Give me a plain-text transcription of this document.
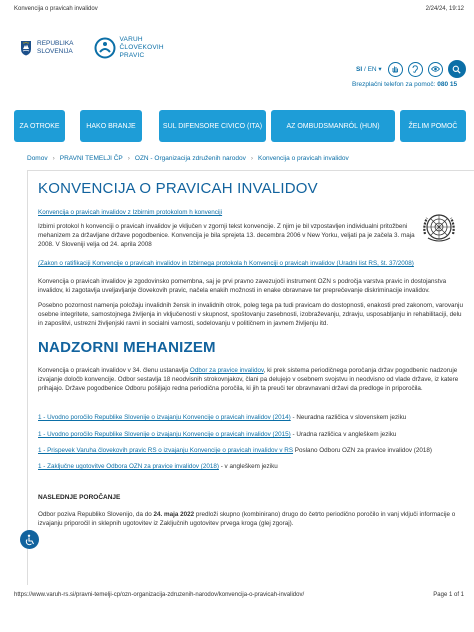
Konvencija o pravicah invalidov	2/24/24, 19:12
REPUBLIKA
SLOVENIJA
VARUH
ČLOVEKOVIH
PRAVIC
SI / EN ▾
Brezplačni telefon za pomoč: 080 15
ZA OTROKE	HAKO BRANJE	SUL DIFENSORE CIVICO (ITA)	AZ OMBUDSMANRÓL (HUN)	ŽELIM POMOČ
Domov › PRAVNI TEMELJI ČP › OZN - Organizacija združenih narodov › Konvencija o pravicah invalidov
KONVENCIJA O PRAVICAH INVALIDOV
Konvencija o pravicah invalidov z Izbirnim protokolom h konvenciji
Izbirni protokol h konvenciji o pravicah invalidov je vključen v zgornji tekst konvencije. Z njim je bil vzpostavljen individualni pritožbeni mehanizem za državljane države pogodbenice. Konvencija je bila sprejeta 13. decembra 2006 v New Yorku, veljati pa je začela 3. maja 2008. V Sloveniji velja od 24. aprila 2008
(Zakon o ratifikaciji Konvencije o pravicah invalidov in Izbirnega protokola h Konvenciji o pravicah invalidov (Uradni list RS, št. 37/2008)
Konvencija o pravicah invalidov je zgodovinsko pomembna, saj je prvi pravno zavezujoči instrument OZN s področja varstva pravic in dostojanstva invalidov, ki zagotavlja uveljavljanje človekovih pravic, načela enakih možnosti in enake obravnave ter preprečevanje diskriminacije invalidov.
Posebno pozornost namenja položaju invalidnih žensk in invalidnih otrok, poleg tega pa tudi pravicam do dostopnosti, enakosti pred zakonom, varovanju osebne integritete, samostojnega življenja in vključenosti v skupnost, spoštovanju zasebnosti, izobraževanju, zdravju, usposabljanju in rehabilitaciji, delu in zaposlitvi, ustrezni življenjski ravni in socialni varnosti, sodelovanju v političnem in javnem življenju itd.
NADZORNI MEHANIZEM
Konvencija o pravicah invalidov v 34. členu ustanavlja Odbor za pravice invalidov, ki prek sistema periodičnega poročanja držav pogodbenic nadzoruje izvajanje določb konvencije. Odbor sestavlja 18 neodvisnih strokovnjakov, člani pa delujejo v osebnem svojstvu in neodvisno od vlade države, iz katere prihajajo. Države pogodbenice Odboru pošiljajo redna periodična poročila, ki jih ta preuči ter obravnavani državi da predloge in priporočila.
1 - Uvodno poročilo Republike Slovenije o izvajanju Konvencije o pravicah invalidov (2014) - Neuradna različica v slovenskem jeziku
1 - Uvodno poročilo Republike Slovenije o izvajanju Konvencije o pravicah invalidov (2015) - Uradna različica v angleškem jeziku
1 - Prispevek Varuha človekovih pravic RS o izvajanju Konvencije o pravicah invalidov v RS Poslano Odboru OZN za pravice invalidov (2018)
1 - Zaključne ugotovitve Odbora OZN za pravice invalidov (2018) - v angleškem jeziku
NASLEDNJE POROČANJE
Odbor poziva Republiko Slovenijo, da do 24. maja 2022 predloži skupno (kombinirano) drugo do četrto periodično poročilo in vanj vključi informacije o izvajanju priporočil in sklepnih ugotovitev iz Zaključnih ugotovitev prvega kroga (glej zgoraj).
https://www.varuh-rs.si/pravni-temelji-cp/ozn-organizacija-zdruzenih-narodov/konvencija-o-pravicah-invalidov/	Page 1 of 1
